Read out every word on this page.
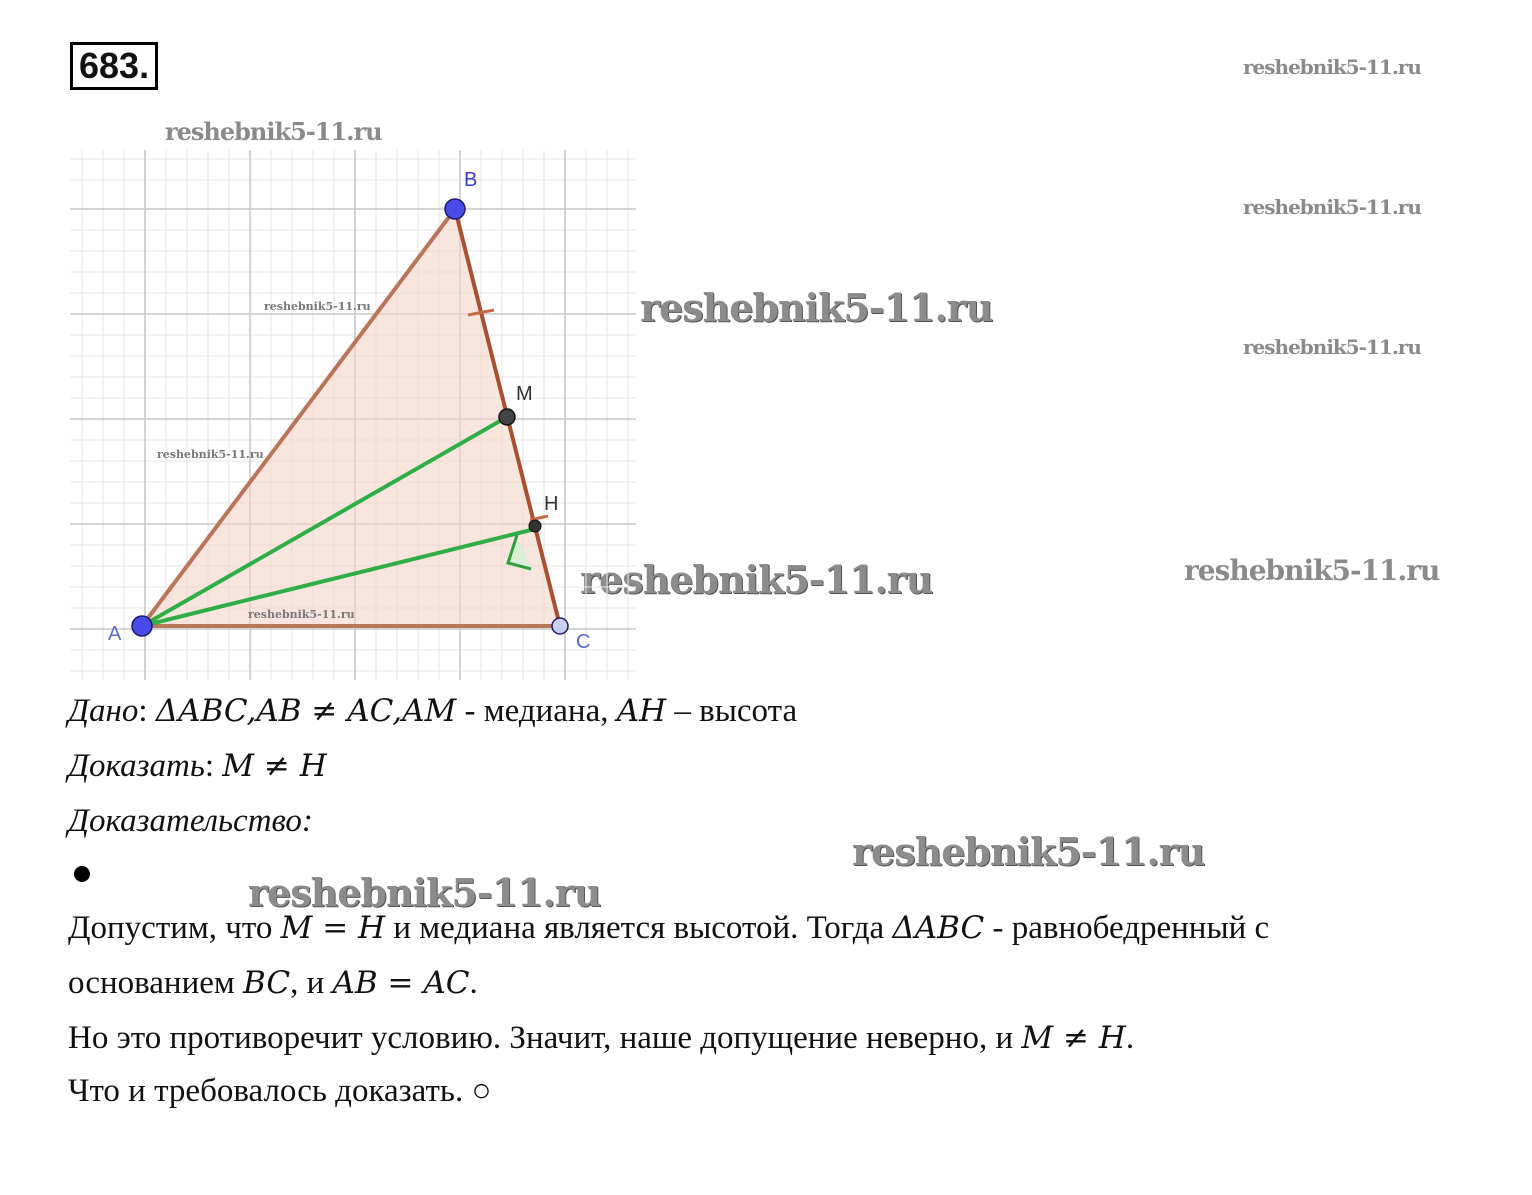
683.	reshebnik5-11.ru
reshebnik5-11.ru
reshebnik5-11.ru
reshebnik5-11.ru
reshebnik5-11.ru
reshebnik5-11.ru	reshebnik5-11.ru
reshebnik5-11.ru
reshebnik5-11.ru
B
A	C
M
H
reshebnik5-11.ru
reshebnik5-11.ru
reshebnik5-11.ru
Дано: ΔABC,AB ≠ AC,AM - медиана, AH – высота
Доказать: M ≠ H
Доказательство:
Допустим, что M = H и медиана является высотой. Тогда ΔABC - равнобедренный с
основанием BC, и AB = AC.
Но это противоречит условию. Значит, наше допущение неверно, и M ≠ H.
Что и требовалось доказать. ○
